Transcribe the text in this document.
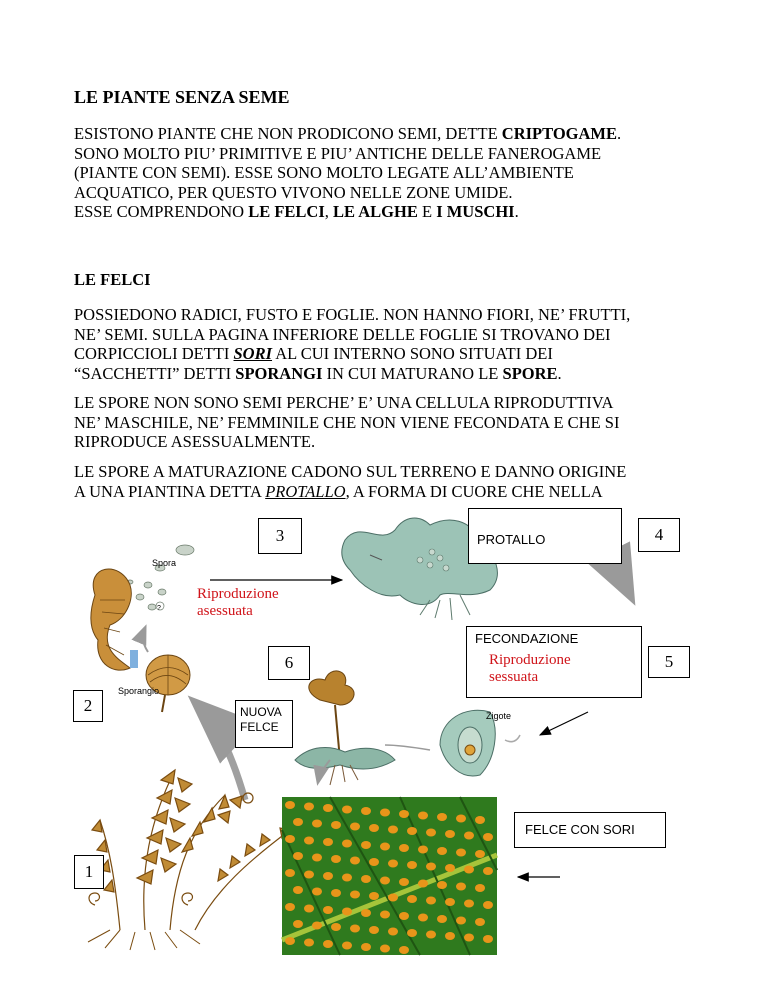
LE PIANTE SENZA SEME
ESISTONO PIANTE CHE NON PRODICONO SEMI, DETTE CRIPTOGAME.
SONO MOLTO PIU’ PRIMITIVE E PIU’ ANTICHE DELLE FANEROGAME
(PIANTE CON SEMI). ESSE SONO MOLTO LEGATE ALL’AMBIENTE
ACQUATICO, PER QUESTO VIVONO NELLE ZONE UMIDE.
ESSE COMPRENDONO LE FELCI, LE ALGHE E I MUSCHI.
LE FELCI
POSSIEDONO RADICI, FUSTO E FOGLIE. NON HANNO FIORI, NE’ FRUTTI,
NE’ SEMI. SULLA PAGINA INFERIORE DELLE FOGLIE SI TROVANO DEI
CORPICCIOLI DETTI SORI AL CUI INTERNO SONO SITUATI DEI
“SACCHETTI” DETTI SPORANGI IN CUI MATURANO LE SPORE.
LE SPORE NON SONO SEMI PERCHE’ E’ UNA CELLULA RIPRODUTTIVA
NE’ MASCHILE, NE’ FEMMINILE CHE NON VIENE FECONDATA E CHE SI
RIPRODUCE ASESSUALMENTE.
LE SPORE A MATURAZIONE CADONO SUL TERRENO E DANNO ORIGINE
A UNA PIANTINA DETTA PROTALLO, A FORMA DI CUORE CHE NELLA
?
Spora
Sporangio
Zigote
3	4
PROTALLO
Riproduzione
asessuata
FECONDAZIONE
Riproduzione
sessuata
6	5
2	NUOVA
FELCE
FELCE CON SORI
1
